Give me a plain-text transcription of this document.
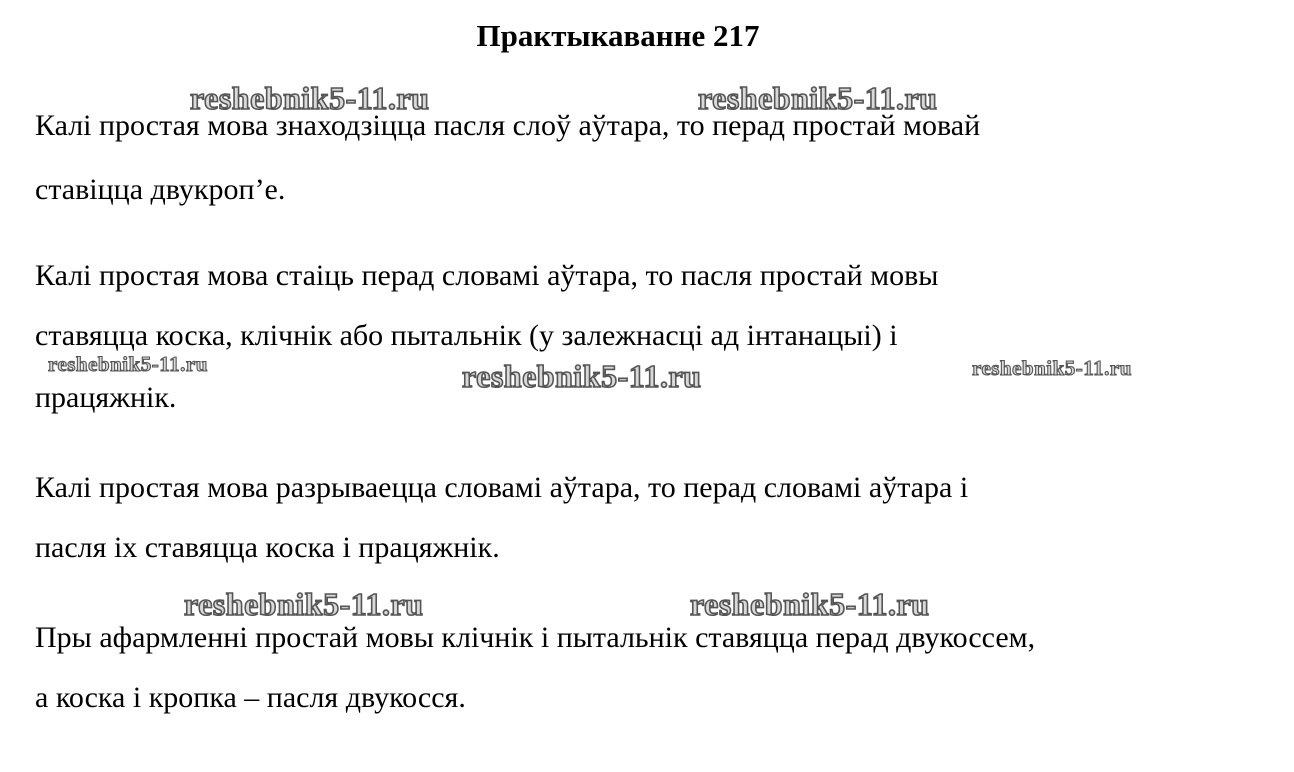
Практыкаванне 217
Калі простая мова знаходзіцца пасля слоў аўтара, то перад простай мовай
ставіцца двукроп’е.
Калі простая мова стаіць перад словамі аўтара, то пасля простай мовы
ставяцца коска, клічнік або пытальнік (у залежнасці ад інтанацыі) і
працяжнік.
Калі простая мова разрываецца словамі аўтара, то перад словамі аўтара і
пасля іх ставяцца коска і працяжнік.
Пры афармленні простай мовы клічнік і пытальнік ставяцца перад двукоссем,
а коска і кропка – пасля двукосся.
reshebnik5-11.ru	reshebnik5-11.ru
reshebnik5-11.ru	reshebnik5-11.ru	reshebnik5-11.ru
reshebnik5-11.ru	reshebnik5-11.ru
